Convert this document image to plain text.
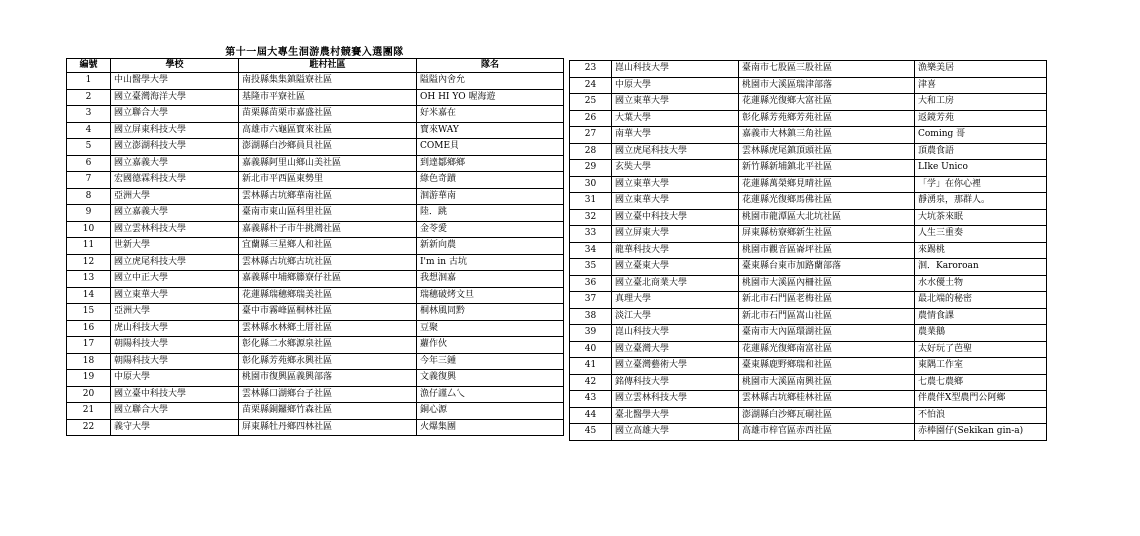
第十一屆大專生洄游農村競賽入選團隊
編號	學校	駐村社區	隊名
1	中山醫學大學	南投縣集集鎮隘寮社區	隘隘內舍允
2	國立臺灣海洋大學	基隆市平寮社區	OH HI YO 喔海遊
3	國立聯合大學	苗栗縣苗栗市嘉盛社區	好米嘉在
4	國立屏東科技大學	高雄市六龜區寶來社區	寶來WAY
5	國立澎湖科技大學	澎湖縣白沙鄉員貝社區	COME貝
6	國立嘉義大學	嘉義縣阿里山鄉山美社區	到達鄒鄉鄉
7	宏國德霖科技大學	新北市平西區東勢里	綠色奇蹟
8	亞洲大學	雲林縣古坑鄉華南社區	洄游華南
9	國立嘉義大學	臺南市東山區科里社區	陸．跳
10	國立雲林科技大學	嘉義縣朴子市牛挑灣社區	金苓愛
11	世新大學	宜蘭縣三星鄉人和社區	新新向農
12	國立虎尾科技大學	雲林縣古坑鄉古坑社區	I'm in 古坑
13	國立中正大學	嘉義縣中埔鄉籐寮仔社區	我想洄嘉
14	國立東華大學	花蓮縣瑞穗鄉瑞美社區	瑞穗破烤文旦
15	亞洲大學	臺中市霧峰區桐林社區	桐林風同黔
16	虎山科技大學	雲林縣水林鄉土厝社區	豆聚
17	朝陽科技大學	彰化縣二水鄉源泉社區	蘿作伙
18	朝陽科技大學	彰化縣芳苑鄉永興社區	今年三鍾
19	中原大學	桃園市復興區義興部落	文義復興
20	國立臺中科技大學	雲林縣口湖鄉台子社區	漁仔謹厶乀
21	國立聯合大學	苗栗縣銅鑼鄉竹森社區	銅心源
22	義守大學	屏東縣牡丹鄉四林社區	火爆集團
23	崑山科技大學	臺南市七股區三股社區	漁樂美居
24	中原大學	桃園市大溪區瑞津部落	津喜
25	國立東華大學	花蓮縣光復鄉大富社區	大和工房
26	大葉大學	彰化縣芳苑鄉芳苑社區	返鏡芳苑
27	南華大學	嘉義市大林鎮三角社區	Coming 哥
28	國立虎尾科技大學	雲林縣虎尾鎮頂頭社區	頂農食語
29	玄奘大學	新竹縣新埔鎮北平社區	LIke Unico
30	國立東華大學	花蓮縣萬榮鄉見晴社區	「学」在你心裡
31	國立東華大學	花蓮縣光復鄉馬佛社區	靜湧泉，那群人。
32	國立臺中科技大學	桃園市龍潭區大北坑社區	大坑茶來眠
33	國立屏東大學	屏東縣枋寮鄉新生社區	人生三重奏
34	龍華科技大學	桃園市觀音區崙坪社區	來踢桃
35	國立臺東大學	臺東縣台東市加路蘭部落	洄．Karoroan
36	國立臺北商業大學	桃園市大溪區內柵社區	水水優土物
37	真理大學	新北市石門區老梅社區	最北端的秘密
38	淡江大學	新北市石門區嵩山社區	農情食課
39	崑山科技大學	臺南市大內區環湖社區	農業鵝
40	國立臺灣大學	花蓮縣光復鄉南富社區	太好玩了芭聖
41	國立臺灣藝術大學	臺東縣鹿野鄉瑞和社區	東隅工作室
42	銘傳科技大學	桃園市大溪區南興社區	七農七農鄉
43	國立雲林科技大學	雲林縣古坑鄉桂林社區	伴農伴X型農門公阿鄉
44	臺北醫學大學	澎湖縣白沙鄉瓦硐社區	不怕浪
45	國立高雄大學	高雄市梓官區赤西社區	赤棒園仔(Sekikan gin-a)
